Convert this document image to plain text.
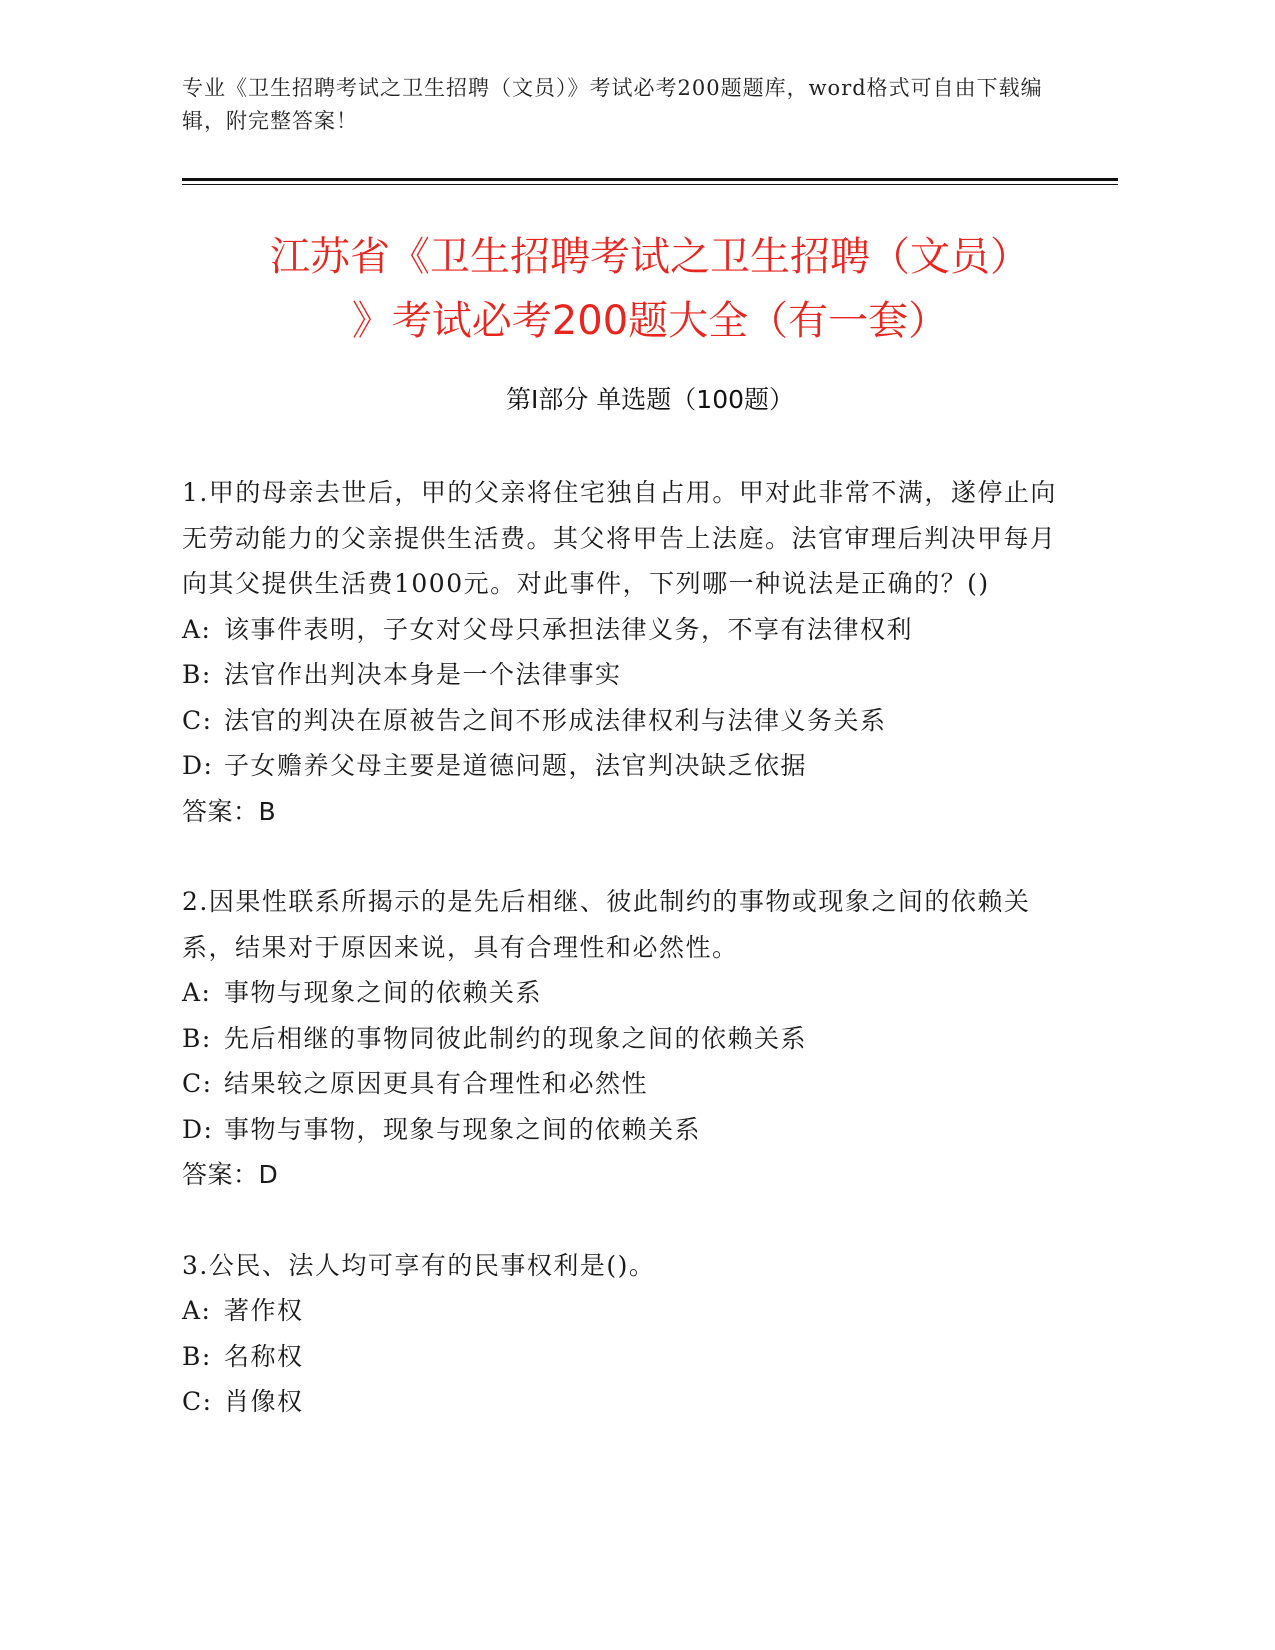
专业《卫生招聘考试之卫生招聘（文员）》考试必考200题题库，word格式可自由下载编辑，附完整答案！
江苏省《卫生招聘考试之卫生招聘（文员）
》考试必考200题大全（有一套）
第Ⅰ部分 单选题（100题）

1.甲的母亲去世后，甲的父亲将住宅独自占用。甲对此非常不满，遂停止向无劳动能力的父亲提供生活费。其父将甲告上法庭。法官审理后判决甲每月向其父提供生活费1000元。对此事件，下列哪一种说法是正确的？()

A: 该事件表明，子女对父母只承担法律义务，不享有法律权利

B: 法官作出判决本身是一个法律事实

C: 法官的判决在原被告之间不形成法律权利与法律义务关系

D: 子女赡养父母主要是道德问题，法官判决缺乏依据

答案：B

2.因果性联系所揭示的是先后相继、彼此制约的事物或现象之间的依赖关系，结果对于原因来说，具有合理性和必然性。

A: 事物与现象之间的依赖关系

B: 先后相继的事物同彼此制约的现象之间的依赖关系

C: 结果较之原因更具有合理性和必然性

D: 事物与事物，现象与现象之间的依赖关系

答案：D

3.公民、法人均可享有的民事权利是()。

A: 著作权

B: 名称权

C: 肖像权
